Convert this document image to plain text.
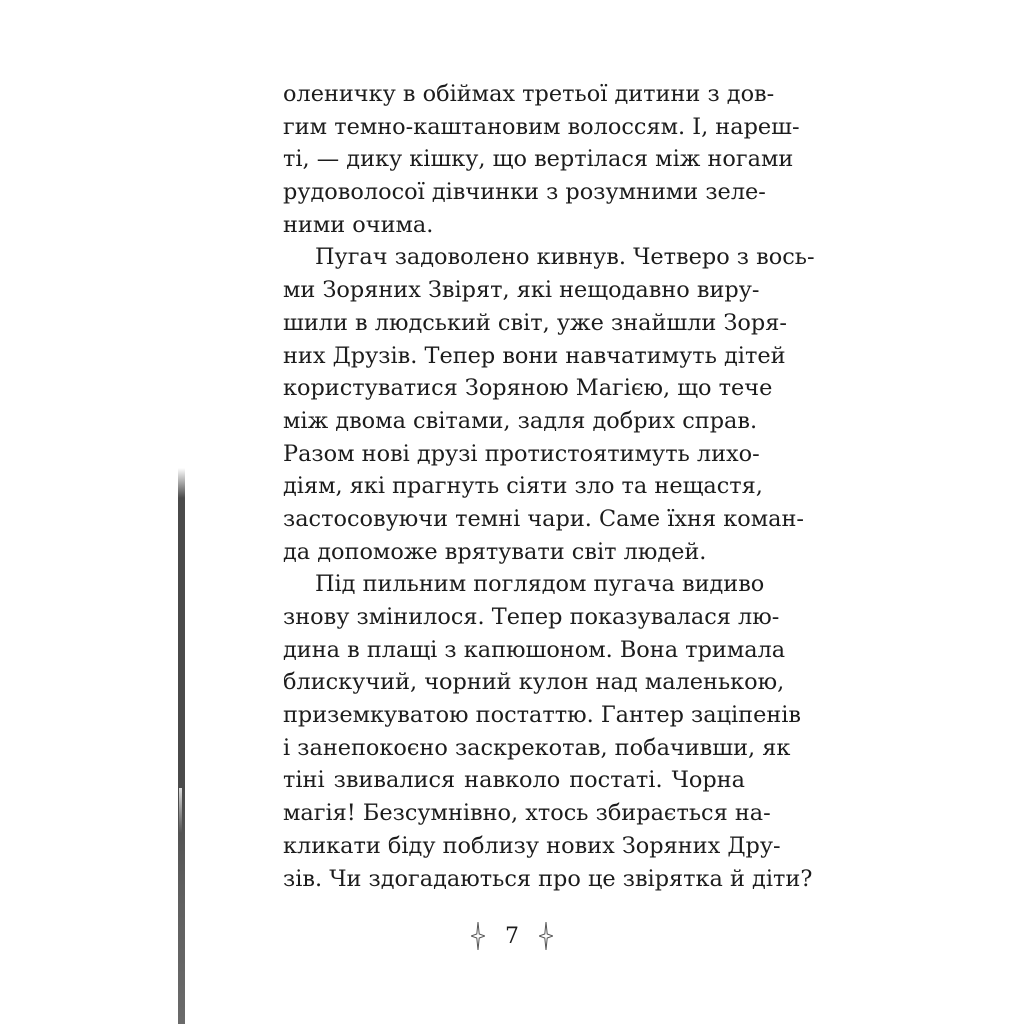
оленичку в обіймах третьої дитини з дов-
гим темно-каштановим волоссям. І, нареш-
ті, — дику кішку, що вертілася між ногами
рудоволосої дівчинки з розумними зеле-
ними очима.
Пугач задоволено кивнув. Четверо з вось-
ми Зоряних Звірят, які нещодавно виру-
шили в людський світ, уже знайшли Зоря-
них Друзів. Тепер вони навчатимуть дітей
користуватися Зоряною Магією, що тече
між двома світами, задля добрих справ.
Разом нові друзі протистоятимуть лихо-
діям, які прагнуть сіяти зло та нещастя,
застосовуючи темні чари. Саме їхня коман-
да допоможе врятувати світ людей.
Під пильним поглядом пугача видиво
знову змінилося. Тепер показувалася лю-
дина в плащі з капюшоном. Вона тримала
блискучий, чорний кулон над маленькою,
приземкуватою постаттю. Гантер заціпенів
і занепокоєно заскрекотав, побачивши, як
тіні звивалися навколо постаті. Чорна
магія! Безсумнівно, хтось збирається на-
кликати біду поблизу нових Зоряних Дру-
зів. Чи здогадаються про це звірятка й діти?
7
